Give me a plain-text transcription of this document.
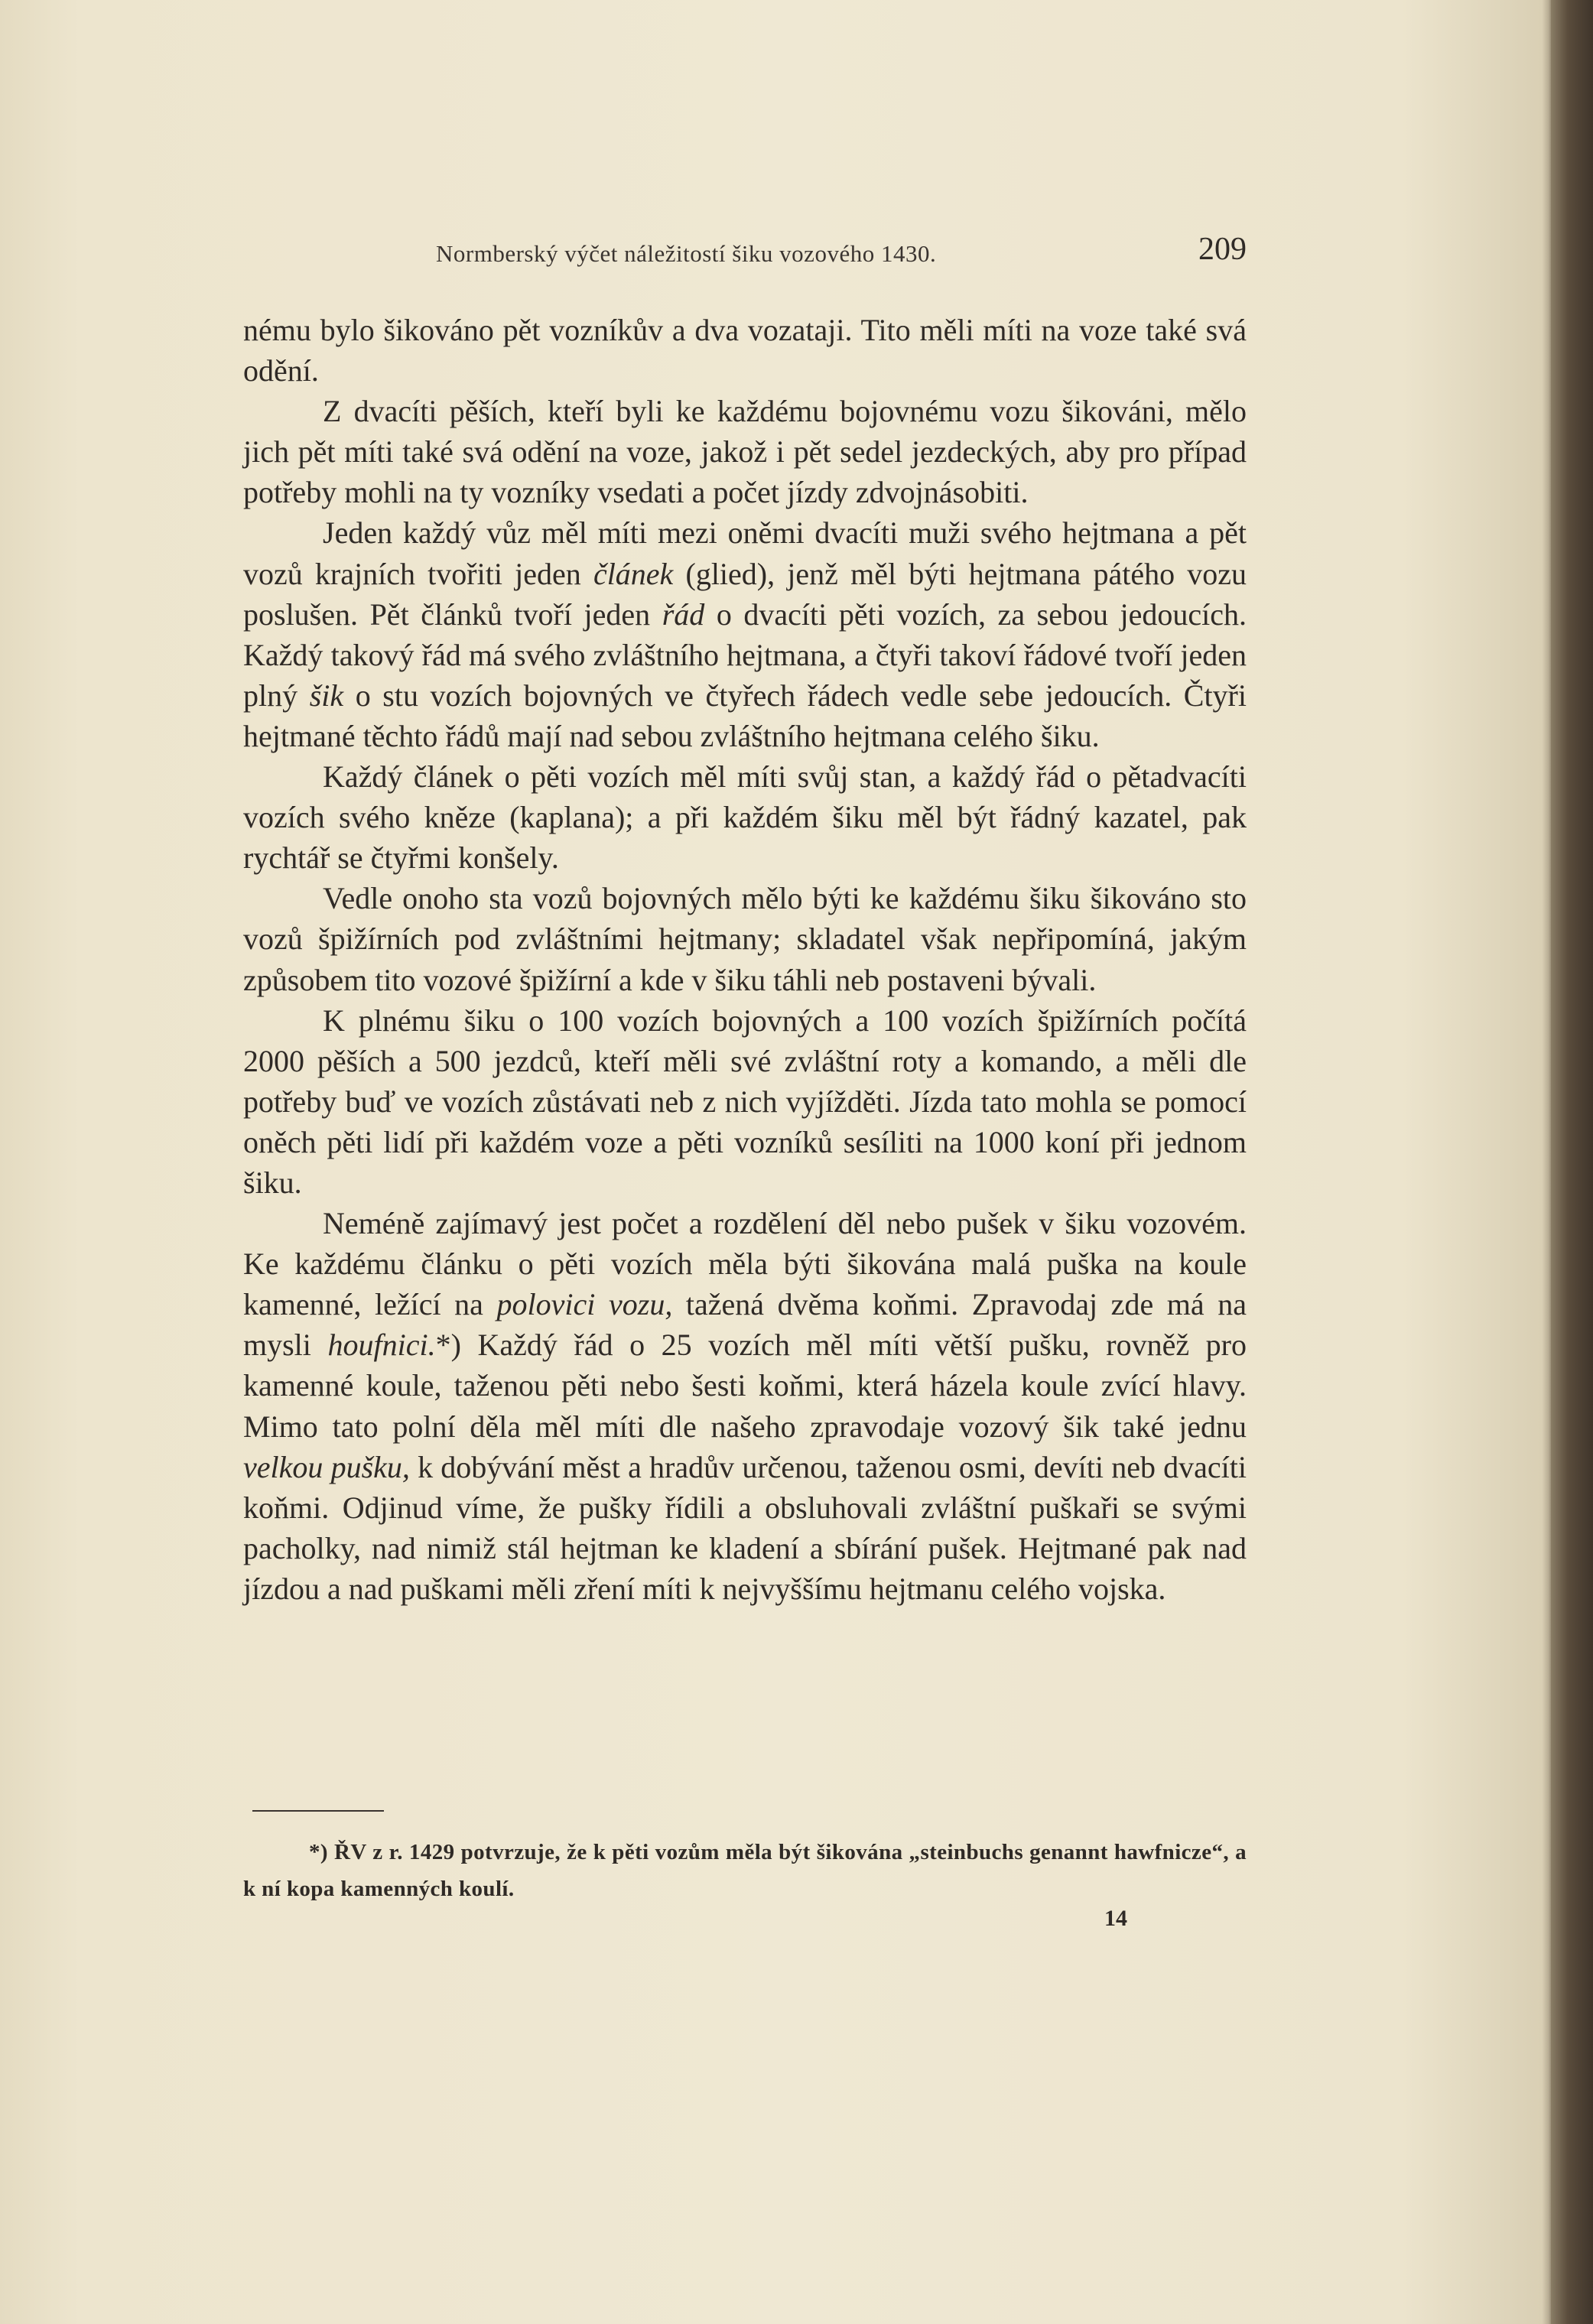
Normberský výčet náležitostí šiku vozového 1430.	209

nému bylo šikováno pět vozníkův a dva vozataji. Tito měli míti na voze také svá odění.

Z dvacíti pěších, kteří byli ke každému bojovnému vozu šikováni, mělo jich pět míti také svá odění na voze, jakož i pět sedel jezdeckých, aby pro případ potřeby mohli na ty vozníky vsedati a počet jízdy zdvojnásobiti.

Jeden každý vůz měl míti mezi oněmi dvacíti muži svého hejtmana a pět vozů krajních tvořiti jeden článek (glied), jenž měl býti hejtmana pátého vozu poslušen. Pět článků tvoří jeden řád o dvacíti pěti vozích, za sebou jedoucích. Každý takový řád má svého zvláštního hejtmana, a čtyři takoví řádové tvoří jeden plný šik o stu vozích bojovných ve čtyřech řádech vedle sebe jedoucích. Čtyři hejtmané těchto řádů mají nad sebou zvláštního hejtmana celého šiku.

Každý článek o pěti vozích měl míti svůj stan, a každý řád o pětadvacíti vozích svého kněze (kaplana); a při každém šiku měl být řádný kazatel, pak rychtář se čtyřmi konšely.

Vedle onoho sta vozů bojovných mělo býti ke každému šiku šikováno sto vozů špižírních pod zvláštními hejtmany; skladatel však nepřipomíná, jakým způsobem tito vozové špižírní a kde v šiku táhli neb postaveni bývali.

K plnému šiku o 100 vozích bojovných a 100 vozích špižírních počítá 2000 pěších a 500 jezdců, kteří měli své zvláštní roty a komando, a měli dle potřeby buď ve vozích zůstávati neb z nich vyjížděti. Jízda tato mohla se pomocí oněch pěti lidí při každém voze a pěti vozníků sesíliti na 1000 koní při jednom šiku.

Neméně zajímavý jest počet a rozdělení děl nebo pušek v šiku vozovém. Ke každému článku o pěti vozích měla býti šikována malá puška na koule kamenné, ležící na polovici vozu, tažená dvěma koňmi. Zpravodaj zde má na mysli houfnici.*) Každý řád o 25 vozích měl míti větší pušku, rovněž pro kamenné koule, taženou pěti nebo šesti koňmi, která házela koule zvící hlavy. Mimo tato polní děla měl míti dle našeho zpravodaje vozový šik také jednu velkou pušku, k dobývání měst a hradův určenou, taženou osmi, devíti neb dvacíti koňmi. Odjinud víme, že pušky řídili a obsluhovali zvláštní puškaři se svými pacholky, nad nimiž stál hejtman ke kladení a sbírání pušek. Hejtmané pak nad jízdou a nad puškami měli zření míti k nejvyššímu hejtmanu celého vojska.

*) ŘV z r. 1429 potvrzuje, že k pěti vozům měla být šikována „steinbuchs genannt hawfnicze“, a k ní kopa kamenných koulí.
14
